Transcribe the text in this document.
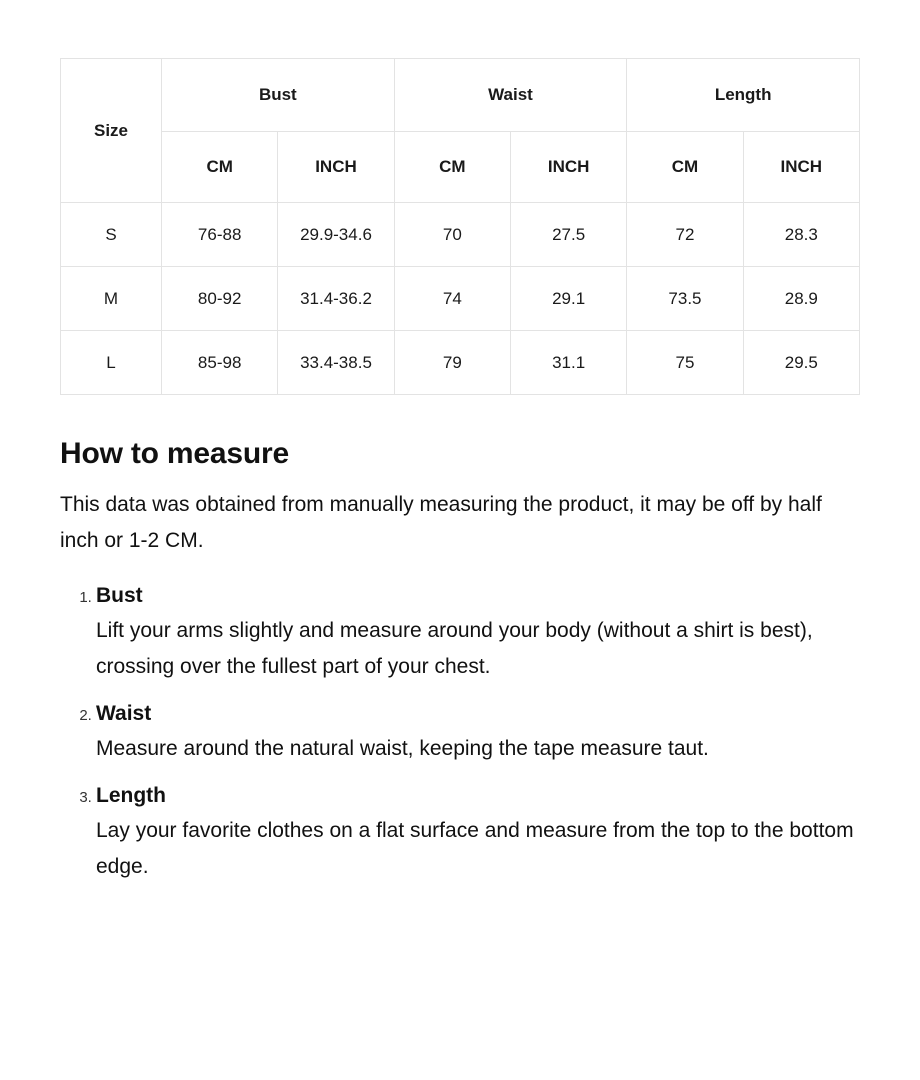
Size	Bust		Waist		Length	
	CM	INCH	CM	INCH	CM	INCH
S	76-88	29.9-34.6	70	27.5	72	28.3
M	80-92	31.4-36.2	74	29.1	73.5	28.9
L	85-98	33.4-38.5	79	31.1	75	29.5
How to measure

This data was obtained from manually measuring the product, it may be off by half inch or 1-2 CM.

1. Bust
Lift your arms slightly and measure around your body (without a shirt is best), crossing over the fullest part of your chest.
2. Waist
Measure around the natural waist, keeping the tape measure taut.
3. Length
Lay your favorite clothes on a flat surface and measure from the top to the bottom edge.
